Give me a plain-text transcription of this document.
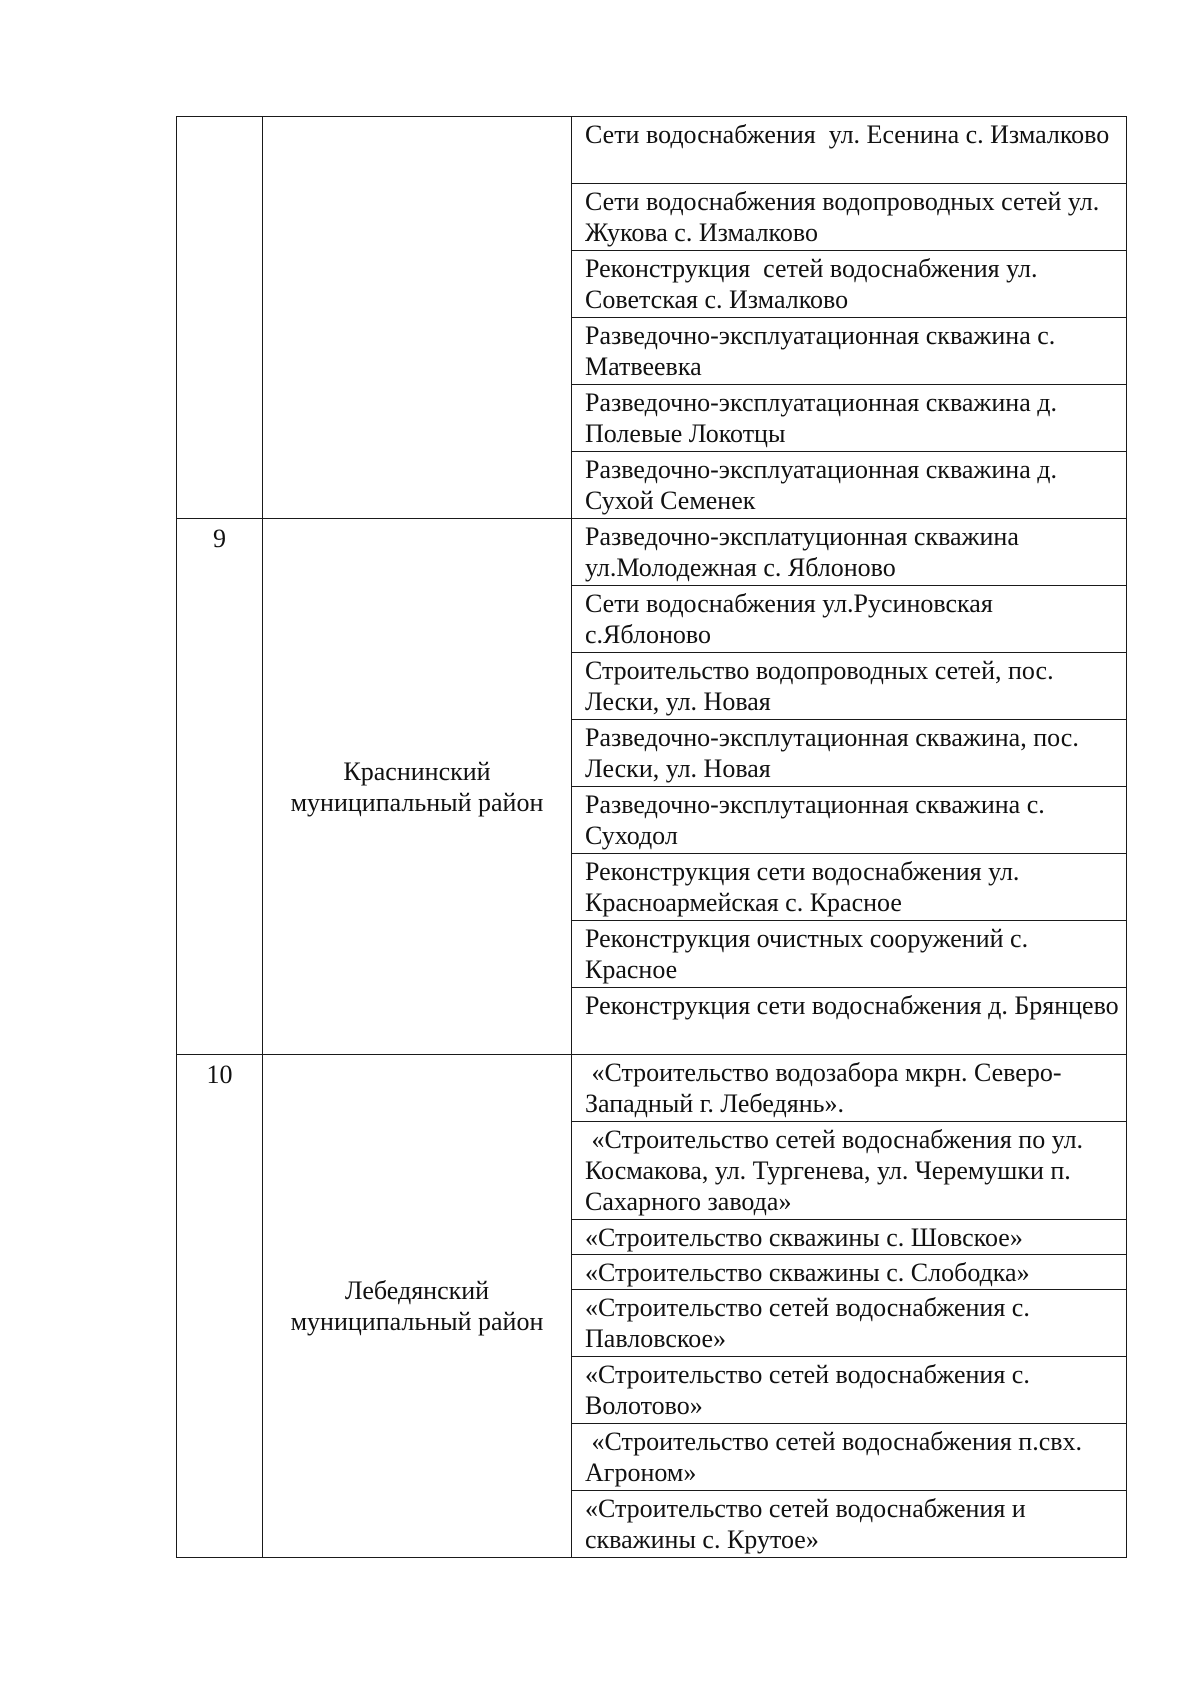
		Сети водоснабжения  ул. Есенина с. Измалково
		Сети водоснабжения водопроводных сетей ул. Жукова с. Измалково
		Реконструкция  сетей водоснабжения ул. Советская с. Измалково
		Разведочно-эксплуатационная скважина с. Матвеевка
		Разведочно-эксплуатационная скважина д. Полевые Локотцы
		Разведочно-эксплуатационная скважина д. Сухой Семенек
9	Краснинский муниципальный район	Разведочно-эксплатуционная скважина ул.Молодежная с. Яблоново
		Сети водоснабжения ул.Русиновская с.Яблоново
		Строительство водопроводных сетей, пос. Лески, ул. Новая
		Разведочно-эксплутационная скважина, пос. Лески, ул. Новая
		Разведочно-эксплутационная скважина с. Суходол
		Реконструкция сети водоснабжения ул. Красноармейская с. Красное
		Реконструкция очистных сооружений с. Красное
		Реконструкция сети водоснабжения д. Брянцево
10	Лебедянский муниципальный район	«Строительство водозабора мкрн. Северо-Западный г. Лебедянь».
		«Строительство сетей водоснабжения по ул. Космакова, ул. Тургенева, ул. Черемушки п. Сахарного завода»
		«Строительство скважины с. Шовское»
		«Строительство скважины с. Слободка»
		«Строительство сетей водоснабжения с. Павловское»
		«Строительство сетей водоснабжения с. Волотово»
		«Строительство сетей водоснабжения п.свх. Агроном»
		«Строительство сетей водоснабжения и скважины с. Крутое»
